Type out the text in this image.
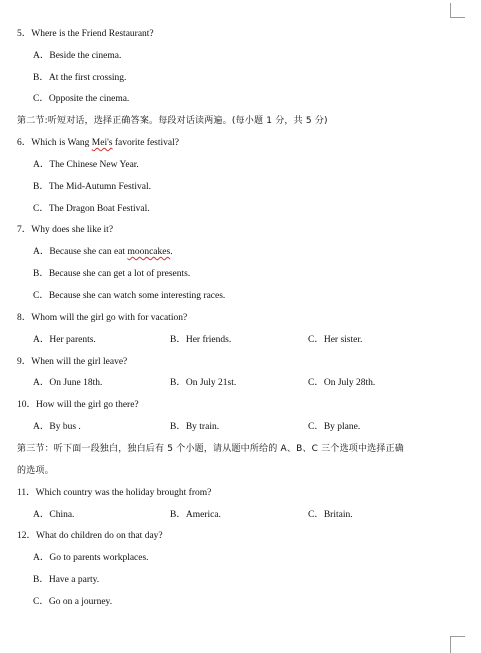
5．Where is the Friend Restaurant?
A．Beside the cinema.
B．At the first crossing.
C．Opposite the cinema.
第二节:听短对话，选择正确答案。每段对话读两遍。(每小题 1 分，共 5 分)
6．Which is Wang Mei's favorite festival?
A．The Chinese New Year.
B．The Mid-Autumn Festival.
C．The Dragon Boat Festival.
7．Why does she like it?
A．Because she can eat mooncakes.
B．Because she can get a lot of presents.
C．Because she can watch some interesting races.
8．Whom will the girl go with for vacation?
A．Her parents.	B．Her friends.	C．Her sister.
9．When will the girl leave?
A．On June 18th.	B．On July 21st.	C．On July 28th.
10．How will the girl go there?
A．By bus .	B．By train.	C．By plane.
第三节：听下面一段独白，独白后有 5 个小题，请从题中所给的 A、B、C 三个选项中选择正确
的选项。
11．Which country was the holiday brought from?
A．China.	B．America.	C．Britain.
12．What do children do on that day?
A．Go to parents workplaces.
B．Have a party.
C．Go on a journey.
